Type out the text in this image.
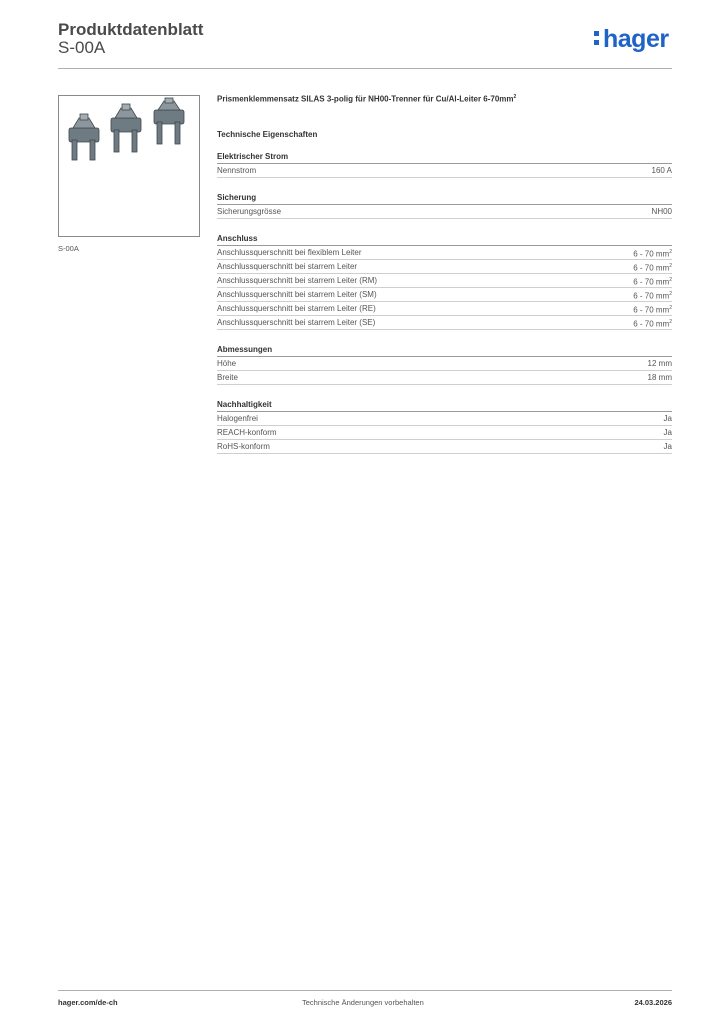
Produktdatenblatt
S-00A	hager
S-00A
Prismenklemmensatz SILAS 3-polig für NH00-Trenner für Cu/Al-Leiter $6-70mm^2$
Technische Eigenschaften
Elektrischer Strom
Nennstrom	160 A
Sicherung
Sicherungsgrösse	NH00
Anschluss
Anschlussquerschnitt bei flexiblem Leiter	6 - 70 $mm^2$
Anschlussquerschnitt bei starrem Leiter	6 - 70 $mm^2$
Anschlussquerschnitt bei starrem Leiter (RM)	6 - 70 $mm^2$
Anschlussquerschnitt bei starrem Leiter (SM)	6 - 70 $mm^2$
Anschlussquerschnitt bei starrem Leiter (RE)	6 - 70 $mm^2$
Anschlussquerschnitt bei starrem Leiter (SE)	6 - 70 $mm^2$
Abmessungen
Höhe	12 mm
Breite	18 mm
Nachhaltigkeit
Halogenfrei	Ja
REACH-konform	Ja
RoHS-konform	Ja
hager.com/de-ch	Technische Änderungen vorbehalten	24.03.2026
